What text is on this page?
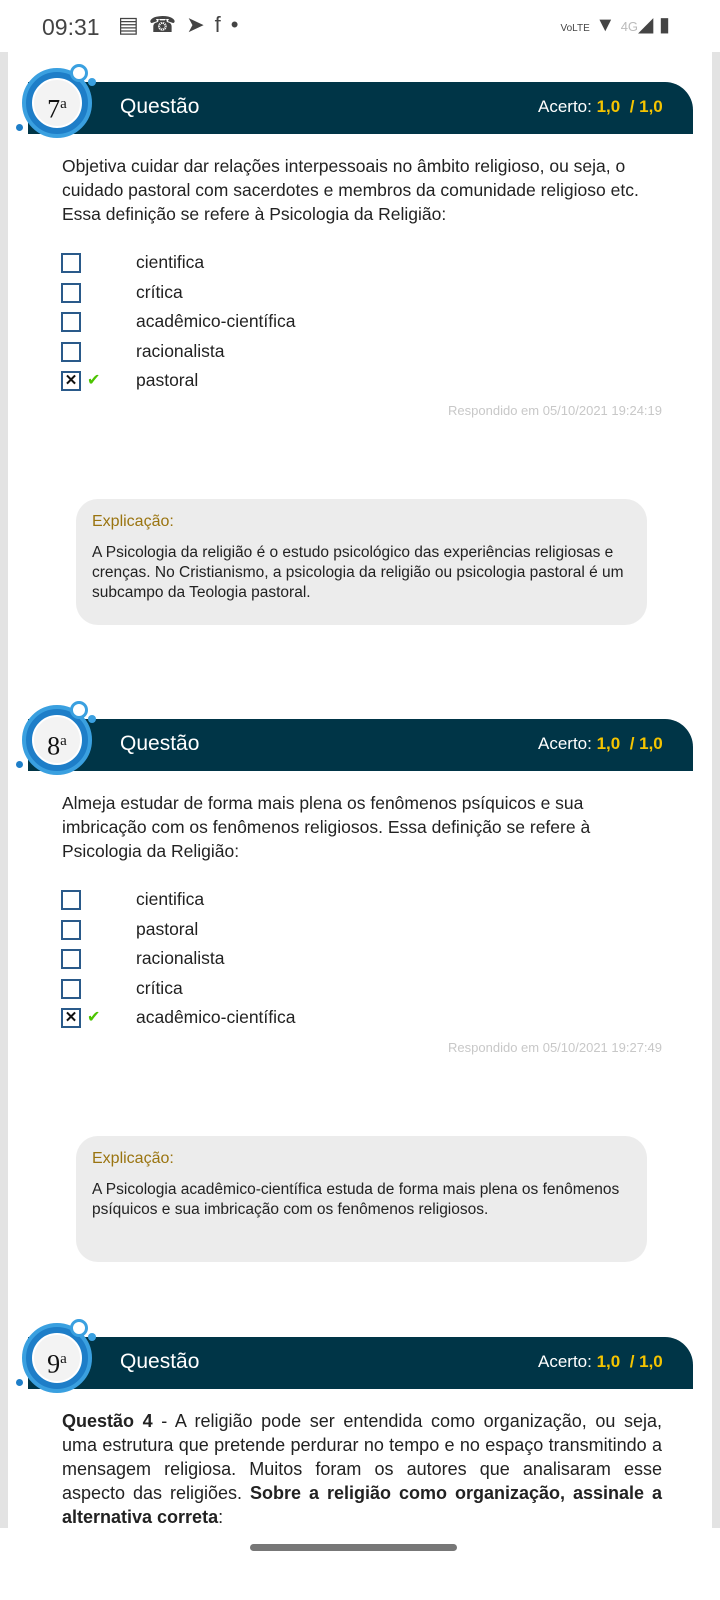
09:31 ▤☎➤f•	VoLTE ▼ 4G◢ ▮
Questão	Acerto: 1,0 / 1,0
7$^a$
Objetiva cuidar dar relações interpessoais no âmbito religioso, ou seja, o cuidado pastoral com sacerdotes e membros da comunidade religioso etc. Essa definição se refere à Psicologia da Religião:
cientifica
crítica
acadêmico-científica
racionalista
✕ ✔ pastoral
Respondido em 05/10/2021 19:24:19
Explicação:

A Psicologia da religião é o estudo psicológico das experiências religiosas e crenças. No Cristianismo, a psicologia da religião ou psicologia pastoral é um subcampo da Teologia pastoral.

Questão	Acerto: 1,0 / 1,0
8$^a$
Almeja estudar de forma mais plena os fenômenos psíquicos e sua imbricação com os fenômenos religiosos. Essa definição se refere à Psicologia da Religião:
cientifica
pastoral
racionalista
crítica
✕ ✔ acadêmico-científica
Respondido em 05/10/2021 19:27:49
Explicação:

A Psicologia acadêmico-científica estuda de forma mais plena os fenômenos psíquicos e sua imbricação com os fenômenos religiosos.

Questão	Acerto: 1,0 / 1,0
9$^a$
Questão 4 - A religião pode ser entendida como organização, ou seja, uma estrutura que pretende perdurar no tempo e no espaço transmitindo a mensagem religiosa. Muitos foram os autores que analisaram esse aspecto das religiões. Sobre a religião como organização, assinale a alternativa correta:
